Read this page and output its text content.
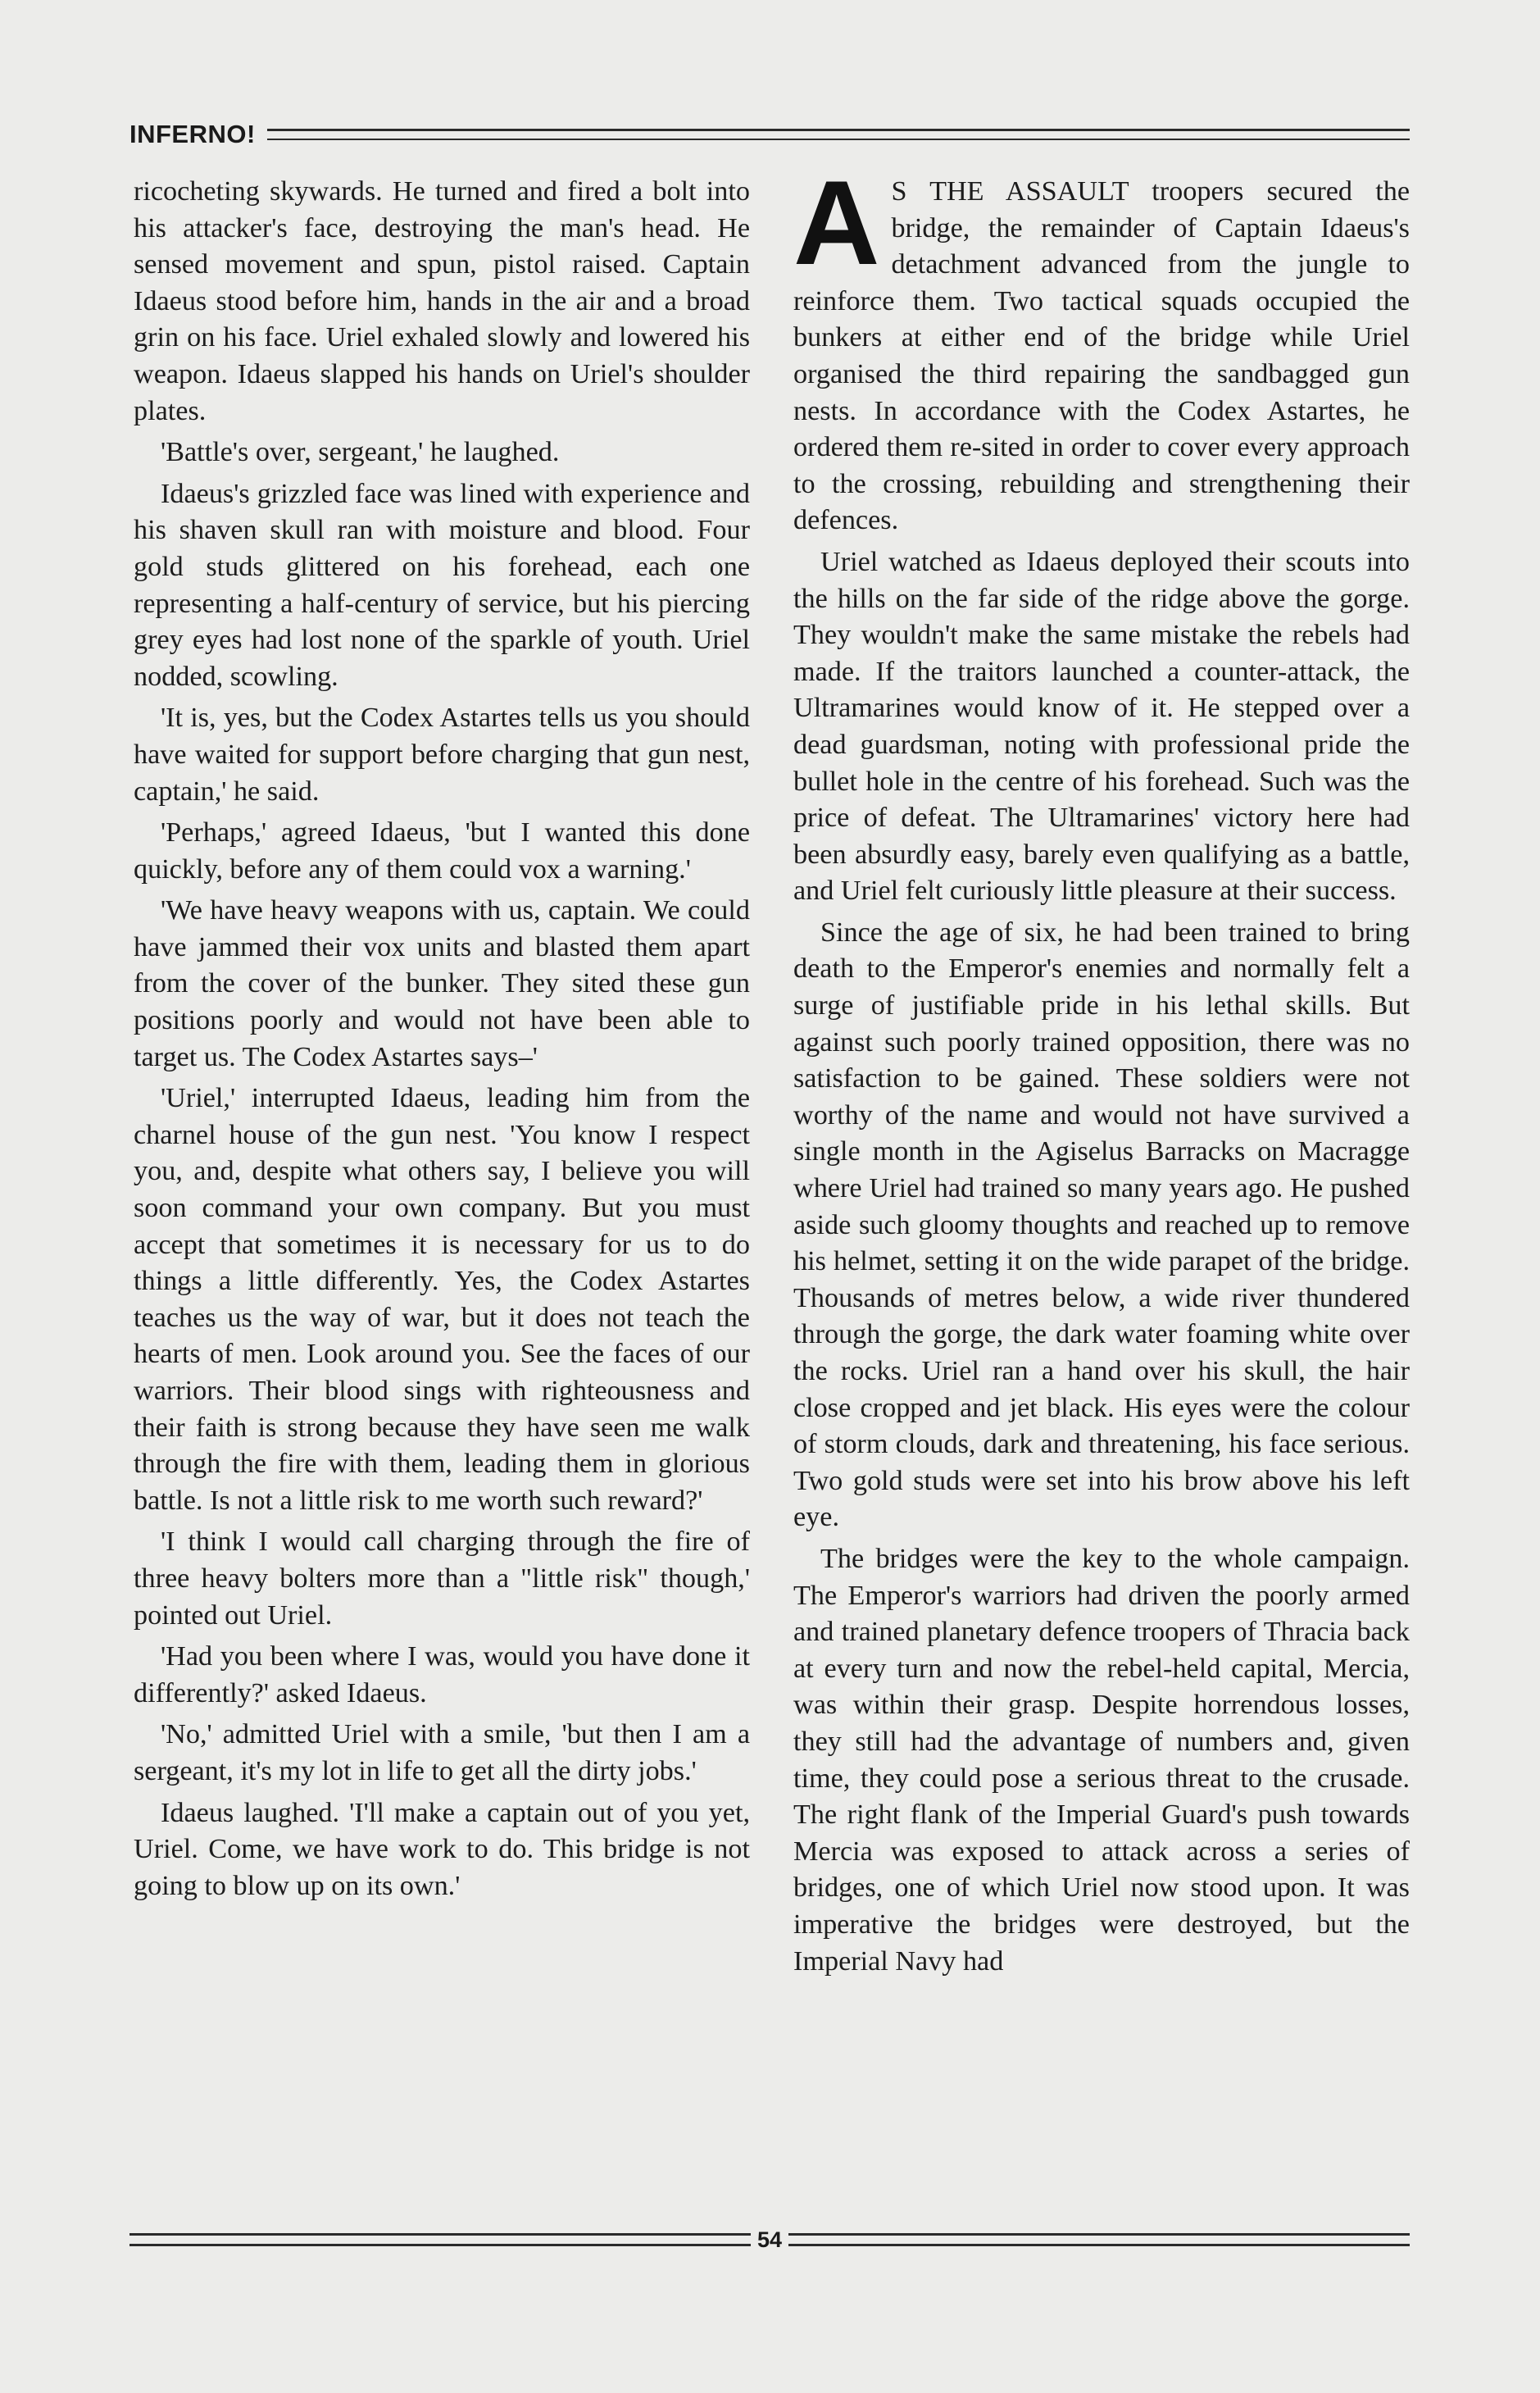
INFERNO!

ricocheting skywards. He turned and fired a bolt into his attacker's face, destroying the man's head. He sensed movement and spun, pistol raised. Captain Idaeus stood before him, hands in the air and a broad grin on his face. Uriel exhaled slowly and lowered his weapon. Idaeus slapped his hands on Uriel's shoulder plates.

'Battle's over, sergeant,' he laughed.

Idaeus's grizzled face was lined with experience and his shaven skull ran with moisture and blood. Four gold studs glittered on his forehead, each one representing a half-century of service, but his piercing grey eyes had lost none of the sparkle of youth. Uriel nodded, scowling.

'It is, yes, but the Codex Astartes tells us you should have waited for support before charging that gun nest, captain,' he said.

'Perhaps,' agreed Idaeus, 'but I wanted this done quickly, before any of them could vox a warning.'

'We have heavy weapons with us, captain. We could have jammed their vox units and blasted them apart from the cover of the bunker. They sited these gun positions poorly and would not have been able to target us. The Codex Astartes says–'

'Uriel,' interrupted Idaeus, leading him from the charnel house of the gun nest. 'You know I respect you, and, despite what others say, I believe you will soon command your own company. But you must accept that sometimes it is necessary for us to do things a little differently. Yes, the Codex Astartes teaches us the way of war, but it does not teach the hearts of men. Look around you. See the faces of our warriors. Their blood sings with righteousness and their faith is strong because they have seen me walk through the fire with them, leading them in glorious battle. Is not a little risk to me worth such reward?'

'I think I would call charging through the fire of three heavy bolters more than a "little risk" though,' pointed out Uriel.

'Had you been where I was, would you have done it differently?' asked Idaeus.

'No,' admitted Uriel with a smile, 'but then I am a sergeant, it's my lot in life to get all the dirty jobs.'

Idaeus laughed. 'I'll make a captain out of you yet, Uriel. Come, we have work to do. This bridge is not going to blow up on its own.'

A S THE ASSAULT troopers secured the bridge, the remainder of Captain Idaeus's detachment advanced from the jungle to reinforce them. Two tactical squads occupied the bunkers at either end of the bridge while Uriel organised the third repairing the sandbagged gun nests. In accordance with the Codex Astartes, he ordered them re-sited in order to cover every approach to the crossing, rebuilding and strengthening their defences.

Uriel watched as Idaeus deployed their scouts into the hills on the far side of the ridge above the gorge. They wouldn't make the same mistake the rebels had made. If the traitors launched a counter-attack, the Ultramarines would know of it. He stepped over a dead guardsman, noting with professional pride the bullet hole in the centre of his forehead. Such was the price of defeat. The Ultramarines' victory here had been absurdly easy, barely even qualifying as a battle, and Uriel felt curiously little pleasure at their success.

Since the age of six, he had been trained to bring death to the Emperor's enemies and normally felt a surge of justifiable pride in his lethal skills. But against such poorly trained opposition, there was no satisfaction to be gained. These soldiers were not worthy of the name and would not have survived a single month in the Agiselus Barracks on Macragge where Uriel had trained so many years ago. He pushed aside such gloomy thoughts and reached up to remove his helmet, setting it on the wide parapet of the bridge. Thousands of metres below, a wide river thundered through the gorge, the dark water foaming white over the rocks. Uriel ran a hand over his skull, the hair close cropped and jet black. His eyes were the colour of storm clouds, dark and threatening, his face serious. Two gold studs were set into his brow above his left eye.

The bridges were the key to the whole campaign. The Emperor's warriors had driven the poorly armed and trained planetary defence troopers of Thracia back at every turn and now the rebel-held capital, Mercia, was within their grasp. Despite horrendous losses, they still had the advantage of numbers and, given time, they could pose a serious threat to the crusade. The right flank of the Imperial Guard's push towards Mercia was exposed to attack across a series of bridges, one of which Uriel now stood upon. It was imperative the bridges were destroyed, but the Imperial Navy had

54
